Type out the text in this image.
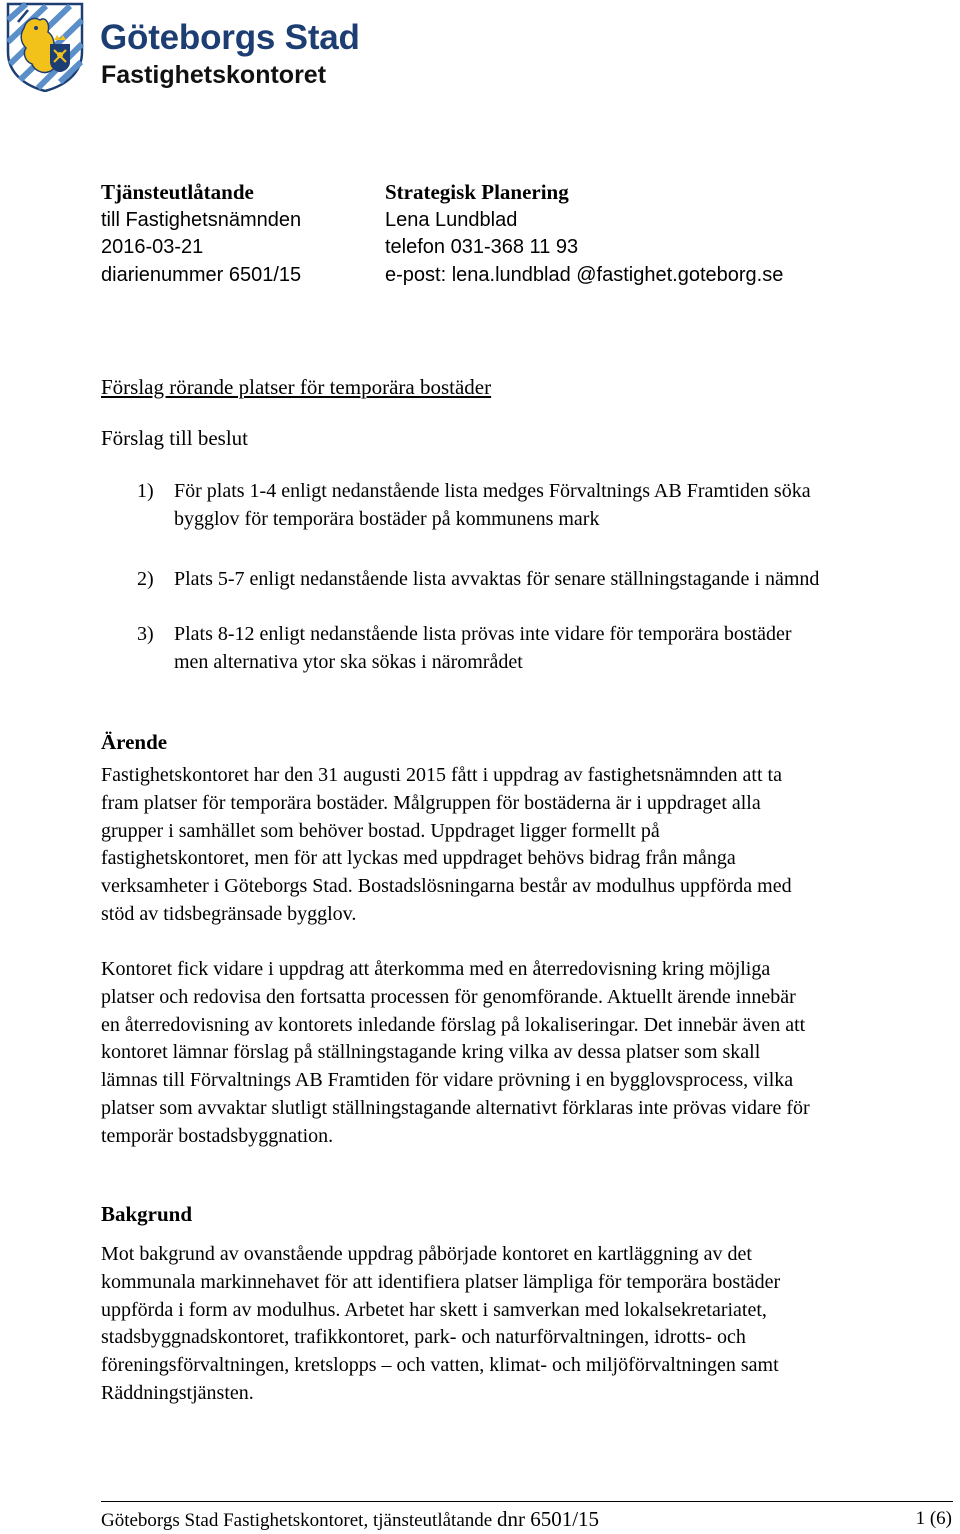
Göteborgs Stad
Fastighetskontoret
Tjänsteutlåtande
till Fastighetsnämnden
2016-03-21
diarienummer 6501/15
Strategisk Planering
Lena Lundblad
telefon 031-368 11 93
e-post: lena.lundblad @fastighet.goteborg.se
Förslag rörande platser för temporära bostäder
Förslag till beslut
1) För plats 1-4 enligt nedanstående lista medges Förvaltnings AB Framtiden söka
bygglov för temporära bostäder på kommunens mark
2) Plats 5-7 enligt nedanstående lista avvaktas för senare ställningstagande i nämnd
3) Plats 8-12 enligt nedanstående lista prövas inte vidare för temporära bostäder
men alternativa ytor ska sökas i närområdet
Ärende
Fastighetskontoret har den 31 augusti 2015 fått i uppdrag av fastighetsnämnden att ta
fram platser för temporära bostäder. Målgruppen för bostäderna är i uppdraget alla
grupper i samhället som behöver bostad. Uppdraget ligger formellt på
fastighetskontoret, men för att lyckas med uppdraget behövs bidrag från många
verksamheter i Göteborgs Stad. Bostadslösningarna består av modulhus uppförda med
stöd av tidsbegränsade bygglov.
Kontoret fick vidare i uppdrag att återkomma med en återredovisning kring möjliga
platser och redovisa den fortsatta processen för genomförande. Aktuellt ärende innebär
en återredovisning av kontorets inledande förslag på lokaliseringar. Det innebär även att
kontoret lämnar förslag på ställningstagande kring vilka av dessa platser som skall
lämnas till Förvaltnings AB Framtiden för vidare prövning i en bygglovsprocess, vilka
platser som avvaktar slutligt ställningstagande alternativt förklaras inte prövas vidare för
temporär bostadsbyggnation.
Bakgrund
Mot bakgrund av ovanstående uppdrag påbörjade kontoret en kartläggning av det
kommunala markinnehavet för att identifiera platser lämpliga för temporära bostäder
uppförda i form av modulhus. Arbetet har skett i samverkan med lokalsekretariatet,
stadsbyggnadskontoret, trafikkontoret, park- och naturförvaltningen, idrotts- och
föreningsförvaltningen, kretslopps – och vatten, klimat- och miljöförvaltningen samt
Räddningstjänsten.
Göteborgs Stad Fastighetskontoret, tjänsteutlåtande dnr 6501/15	1 (6)
